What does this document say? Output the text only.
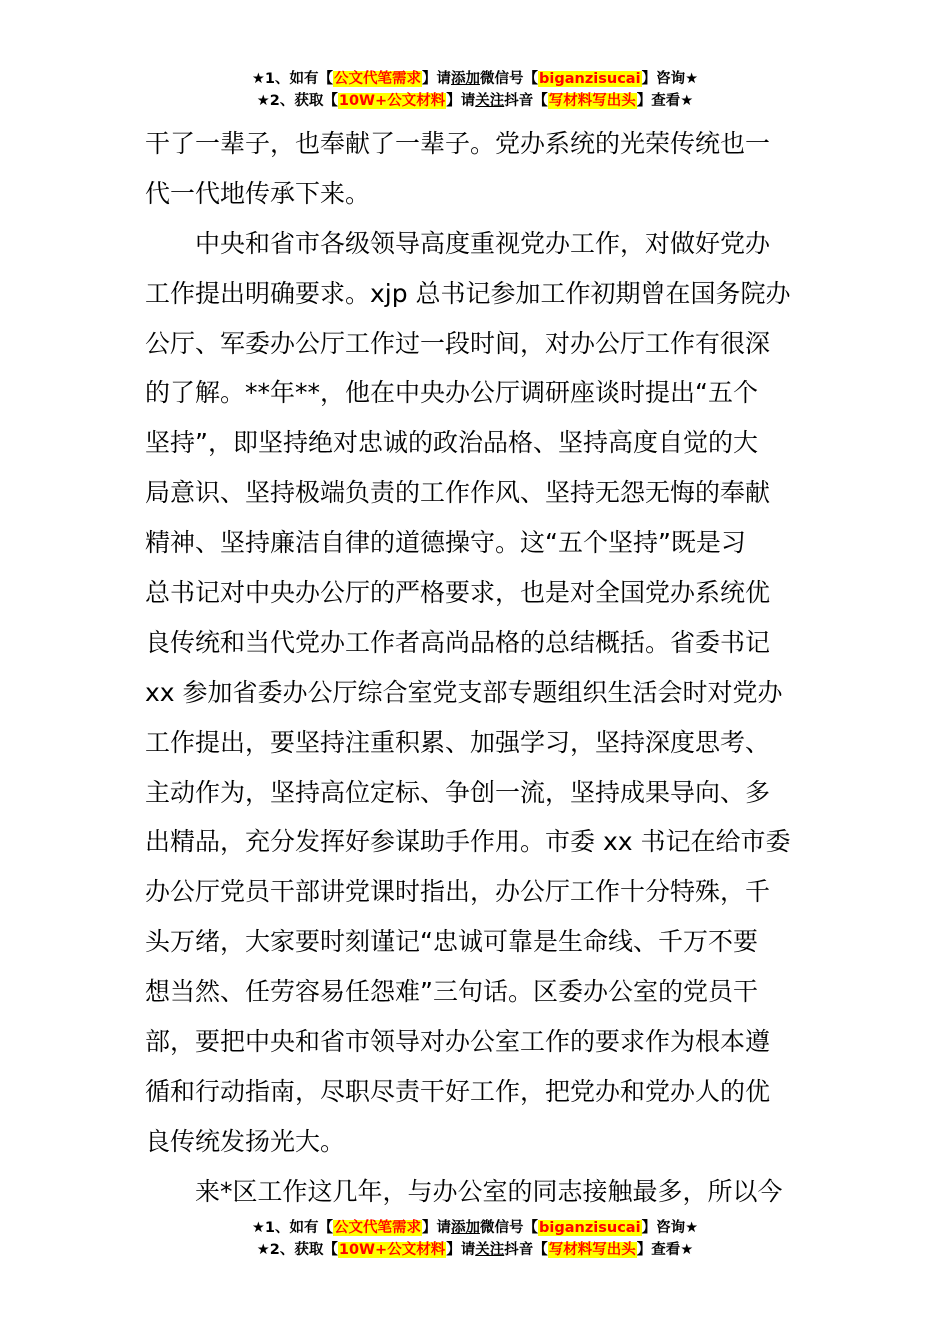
★1、如有【公文代笔需求】请添加微信号【biganzisucai】咨询★
★2、获取【10W+公文材料】请关注抖音【写材料写出头】查看★
干了一辈子，也奉献了一辈子。党办系统的光荣传统也一
代一代地传承下来。
中央和省市各级领导高度重视党办工作，对做好党办
工作提出明确要求。xjp 总书记参加工作初期曾在国务院办
公厅、军委办公厅工作过一段时间，对办公厅工作有很深
的了解。**年**，他在中央办公厅调研座谈时提出“五个
坚持”，即坚持绝对忠诚的政治品格、坚持高度自觉的大
局意识、坚持极端负责的工作作风、坚持无怨无悔的奉献
精神、坚持廉洁自律的道德操守。这“五个坚持”既是习
总书记对中央办公厅的严格要求，也是对全国党办系统优
良传统和当代党办工作者高尚品格的总结概括。省委书记
xx 参加省委办公厅综合室党支部专题组织生活会时对党办
工作提出，要坚持注重积累、加强学习，坚持深度思考、
主动作为，坚持高位定标、争创一流，坚持成果导向、多
出精品，充分发挥好参谋助手作用。市委 xx 书记在给市委
办公厅党员干部讲党课时指出，办公厅工作十分特殊，千
头万绪，大家要时刻谨记“忠诚可靠是生命线、千万不要
想当然、任劳容易任怨难”三句话。区委办公室的党员干
部，要把中央和省市领导对办公室工作的要求作为根本遵
循和行动指南，尽职尽责干好工作，把党办和党办人的优
良传统发扬光大。
来*区工作这几年，与办公室的同志接触最多，所以今
★1、如有【公文代笔需求】请添加微信号【biganzisucai】咨询★
★2、获取【10W+公文材料】请关注抖音【写材料写出头】查看★
